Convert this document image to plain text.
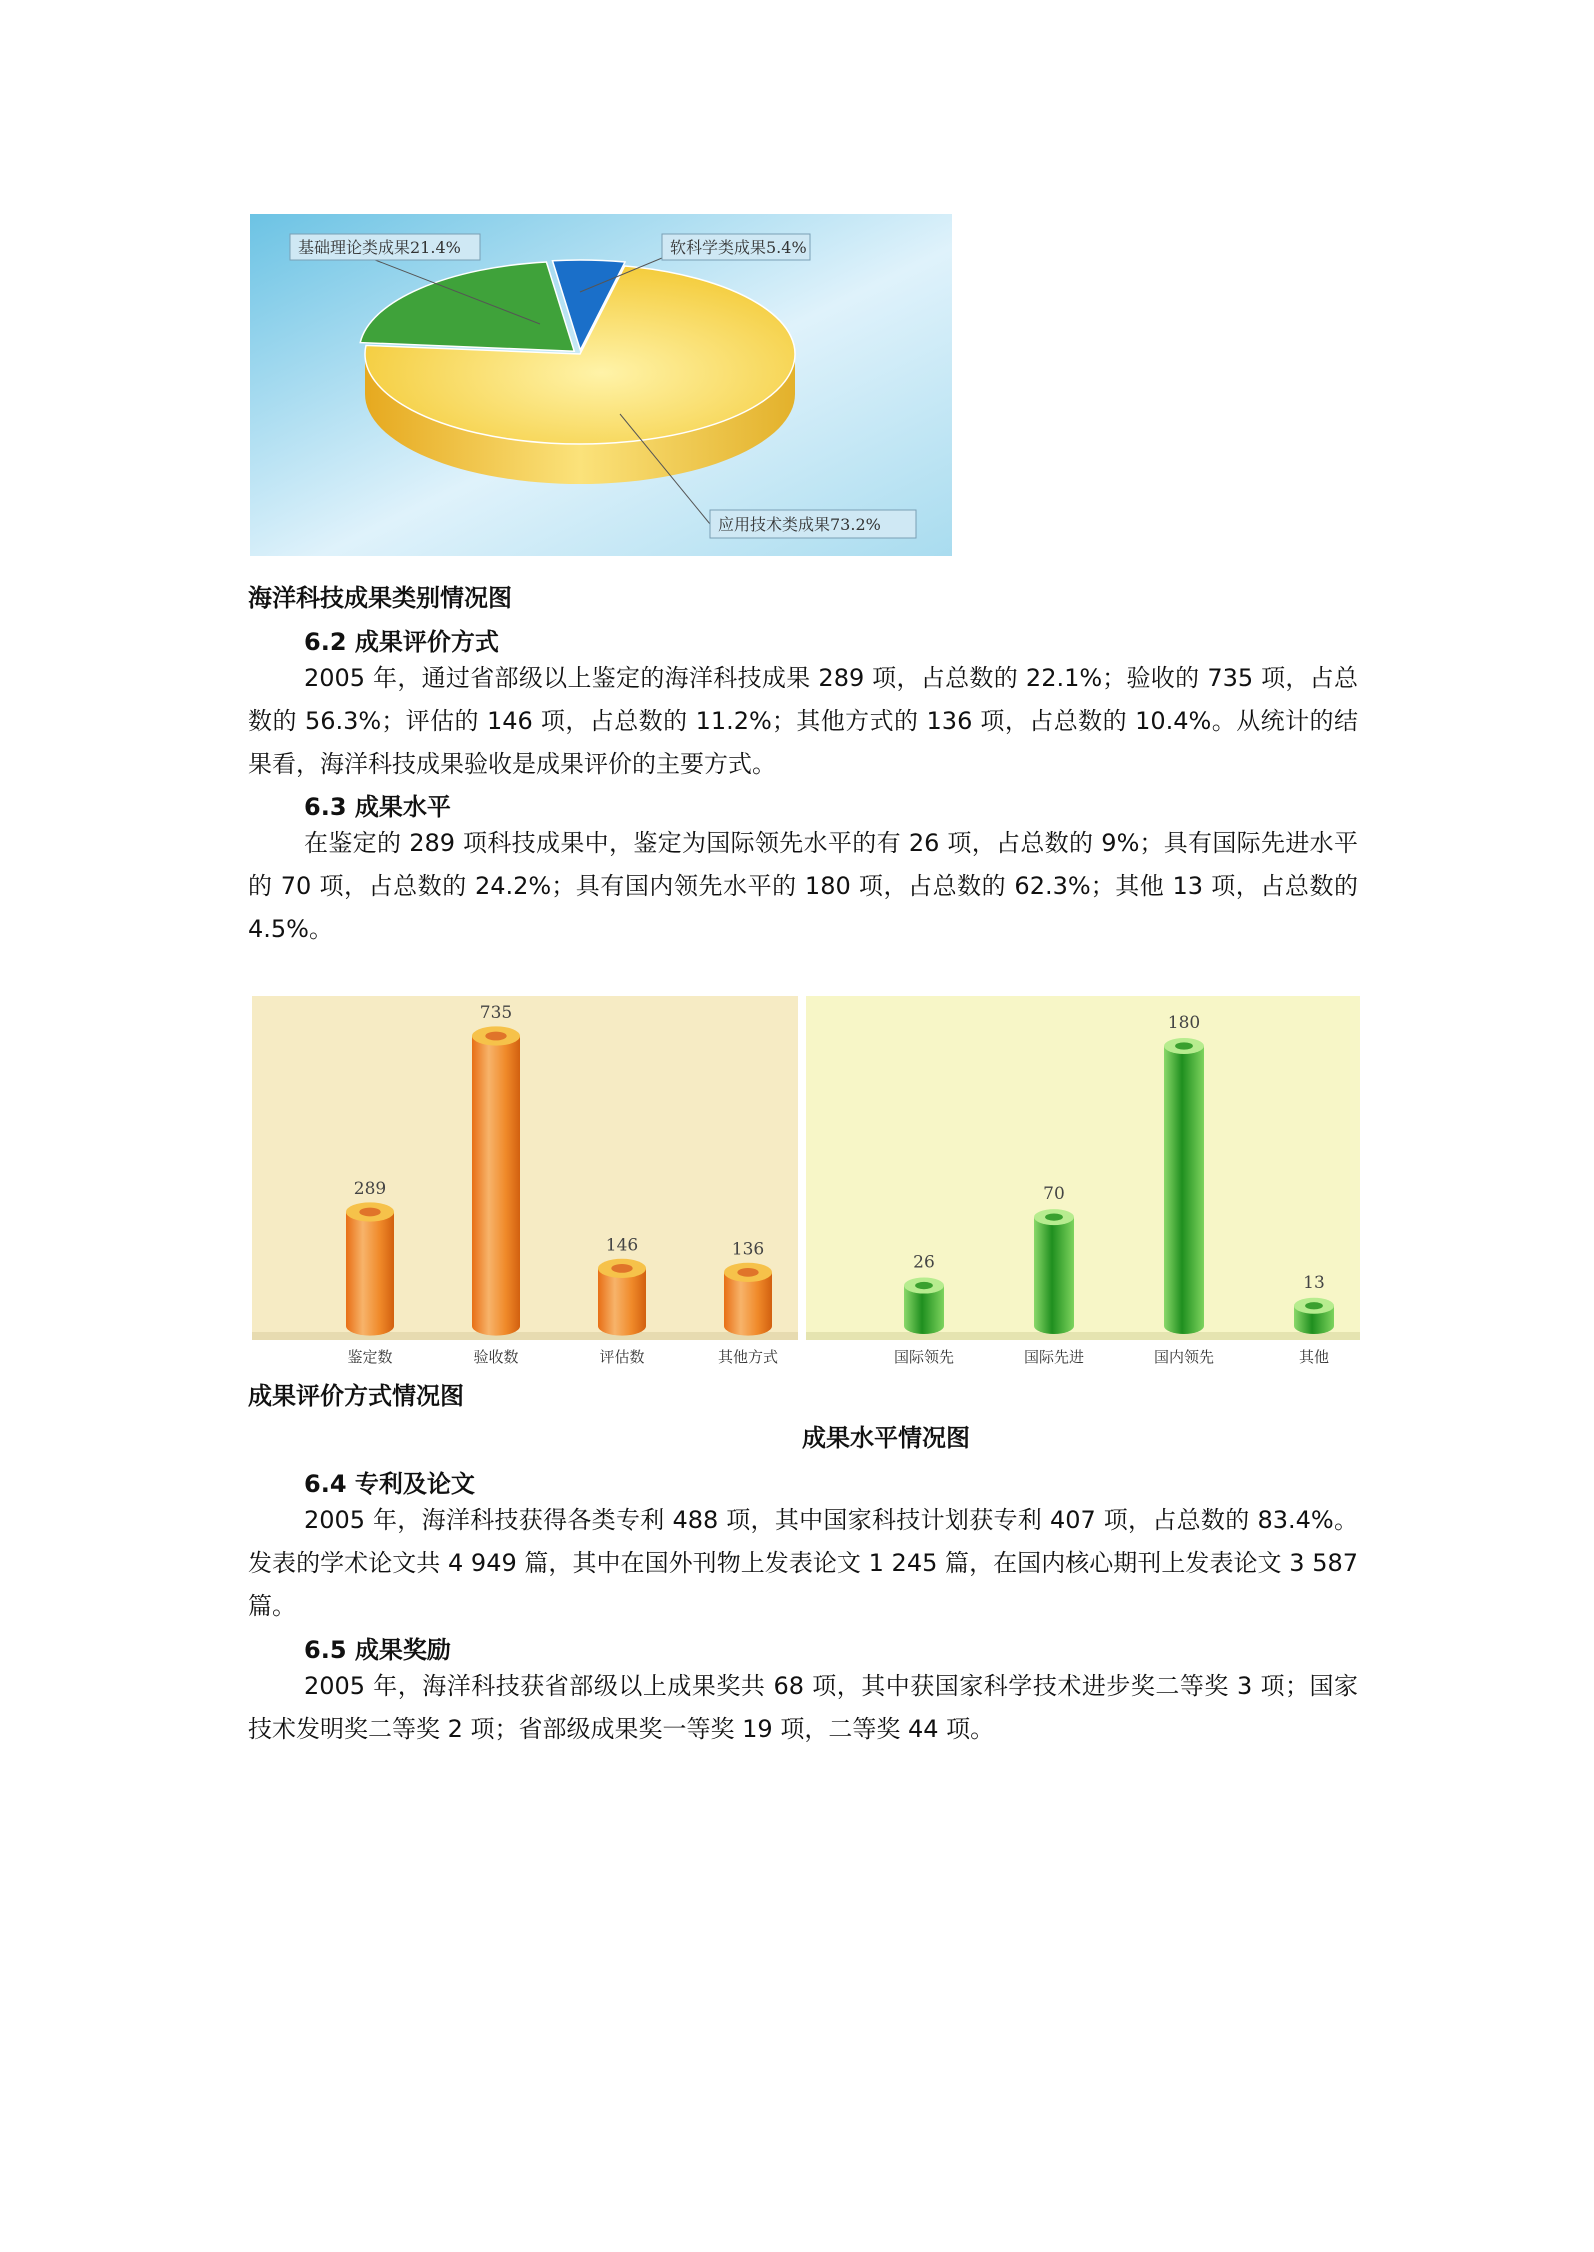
基础理论类成果21.4%	软科学类成果5.4%
应用技术类成果73.2%
海洋科技成果类别情况图
6.2 成果评价方式

2005 年，通过省部级以上鉴定的海洋科技成果 289 项，占总数的 22.1%；验收的 735 项，占总数的 56.3%；评估的 146 项，占总数的 11.2%；其他方式的 136 项，占总数的 10.4%。从统计的结果看，海洋科技成果验收是成果评价的主要方式。

6.3 成果水平

在鉴定的 289 项科技成果中，鉴定为国际领先水平的有 26 项，占总数的 9%；具有国际先进水平的 70 项，占总数的 24.2%；具有国内领先水平的 180 项，占总数的 62.3%；其他 13 项，占总数的 4.5%。

289
鉴定数
735
验收数
146
评估数
136
其他方式
26
国际领先
70
国际先进
180
国内领先
13
其他
成果评价方式情况图
成果水平情况图
6.4 专利及论文

2005 年，海洋科技获得各类专利 488 项，其中国家科技计划获专利 407 项，占总数的 83.4%。发表的学术论文共 4 949 篇，其中在国外刊物上发表论文 1 245 篇，在国内核心期刊上发表论文 3 587 篇。

6.5 成果奖励

2005 年，海洋科技获省部级以上成果奖共 68 项，其中获国家科学技术进步奖二等奖 3 项；国家技术发明奖二等奖 2 项；省部级成果奖一等奖 19 项，二等奖 44 项。
